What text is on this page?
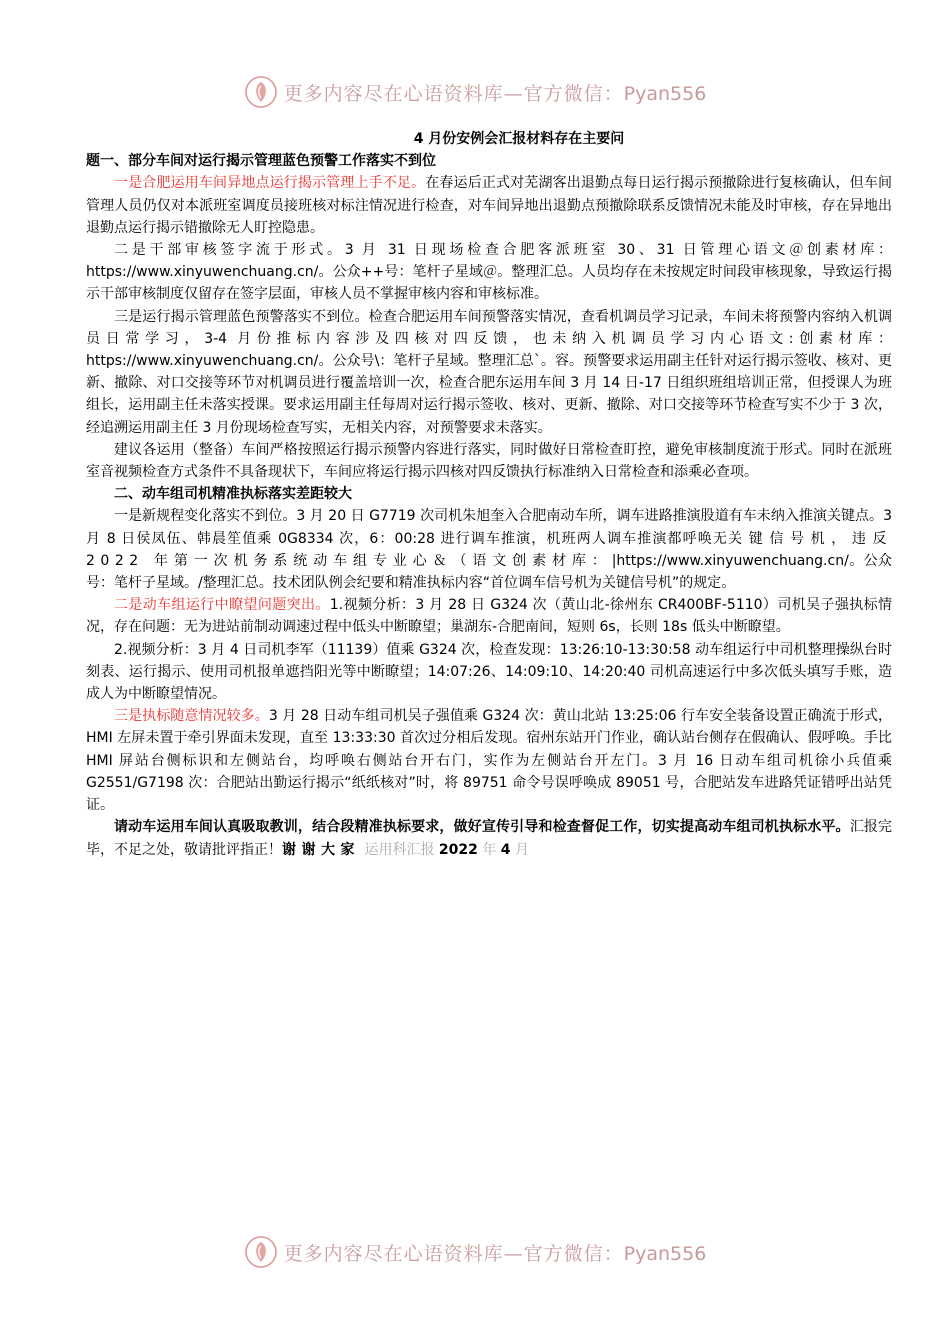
更多内容尽在心语资料库—官方微信：Pyan556

4 月份安例会汇报材料存在主要问

题一、部分车间对运行揭示管理蓝色预警工作落实不到位

一是合肥运用车间异地点运行揭示管理上手不足。在春运后正式对芜湖客出退勤点每日运行揭示预撤除进行复核确认，但车间管理人员仍仅对本派班室调度员接班核对标注情况进行检查，对车间异地出退勤点预撤除联系反馈情况未能及时审核，存在异地出退勤点运行揭示错撤除无人盯控隐患。

二是干部审核签字流于形式。3 月 31 日现场检查合肥客派班室 30、31 日管理心语文＠创素材库：https://www.xinyuwenchuang.cn/。公众++号：笔杆子星域＠。整理汇总。人员均存在未按规定时间段审核现象，导致运行揭示干部审核制度仅留存在签字层面，审核人员不掌握审核内容和审核标准。

三是运行揭示管理蓝色预警落实不到位。检查合肥运用车间预警落实情况，查看机调员学习记录，车间未将预警内容纳入机调员日常学习，3-4 月份推标内容涉及四核对四反馈，也未纳入机调员学习内心语文:创素材库：https://www.xinyuwenchuang.cn/。公众号\：笔杆子星域。整理汇总`。容。预警要求运用副主任针对运行揭示签收、核对、更新、撤除、对口交接等环节对机调员进行覆盖培训一次，检查合肥东运用车间 3 月 14 日-17 日组织班组培训正常，但授课人为班组长，运用副主任未落实授课。要求运用副主任每周对运行揭示签收、核对、更新、撤除、对口交接等环节检查写实不少于 3 次，经追溯运用副主任 3 月份现场检查写实，无相关内容，对预警要求未落实。

建议各运用（整备）车间严格按照运行揭示预警内容进行落实，同时做好日常检查盯控，避免审核制度流于形式。同时在派班室音视频检查方式条件不具备现状下，车间应将运行揭示四核对四反馈执行标准纳入日常检查和添乘必查项。

二、动车组司机精准执标落实差距较大

一是新规程变化落实不到位。3 月 20 日 G7719 次司机朱旭奎入合肥南动车所，调车进路推演股道有车未纳入推演关键点。3 月 8 日侯凤伍、韩晨笙值乘 0G8334 次，6：00:28 进行调车推演，机班两人调车推演都呼唤无关键信号机，违反 2022 年第一次机务系统动车组专业心＆（语文创素材库：|https://www.xinyuwenchuang.cn/。公众号：笔杆子星域。/整理汇总。技术团队例会纪要和精准执标内容“首位调车信号机为关键信号机”的规定。

二是动车组运行中瞭望问题突出。1.视频分析：3 月 28 日 G324 次（黄山北-徐州东 CR400BF-5110）司机吴子强执标情况，存在问题：无为进站前制动调速过程中低头中断瞭望；巢湖东-合肥南间，短则 6s，长则 18s 低头中断瞭望。

2.视频分析：3 月 4 日司机李军（11139）值乘 G324 次，检查发现：13:26:10-13:30:58 动车组运行中司机整理操纵台时刻表、运行揭示、使用司机报单遮挡阳光等中断瞭望；14:07:26、14:09:10、14:20:40 司机高速运行中多次低头填写手账，造成人为中断瞭望情况。

三是执标随意情况较多。3 月 28 日动车组司机吴子强值乘 G324 次：黄山北站 13:25:06 行车安全装备设置正确流于形式，HMI 左屏未置于牵引界面未发现，直至 13:33:30 首次过分相后发现。宿州东站开门作业，确认站台侧存在假确认、假呼唤。手比 HMI 屏站台侧标识和左侧站台，均呼唤右侧站台开右门，实作为左侧站台开左门。3 月 16 日动车组司机徐小兵值乘 G2551/G7198 次：合肥站出勤运行揭示“纸纸核对”时，将 89751 命令号误呼唤成 89051 号，合肥站发车进路凭证错呼出站凭证。

请动车运用车间认真吸取教训，结合段精准执标要求，做好宣传引导和检查督促工作，切实提高动车组司机执标水平。汇报完毕，不足之处，敬请批评指正！谢谢大家 运用科汇报 2022 年 4 月

更多内容尽在心语资料库—官方微信：Pyan556
